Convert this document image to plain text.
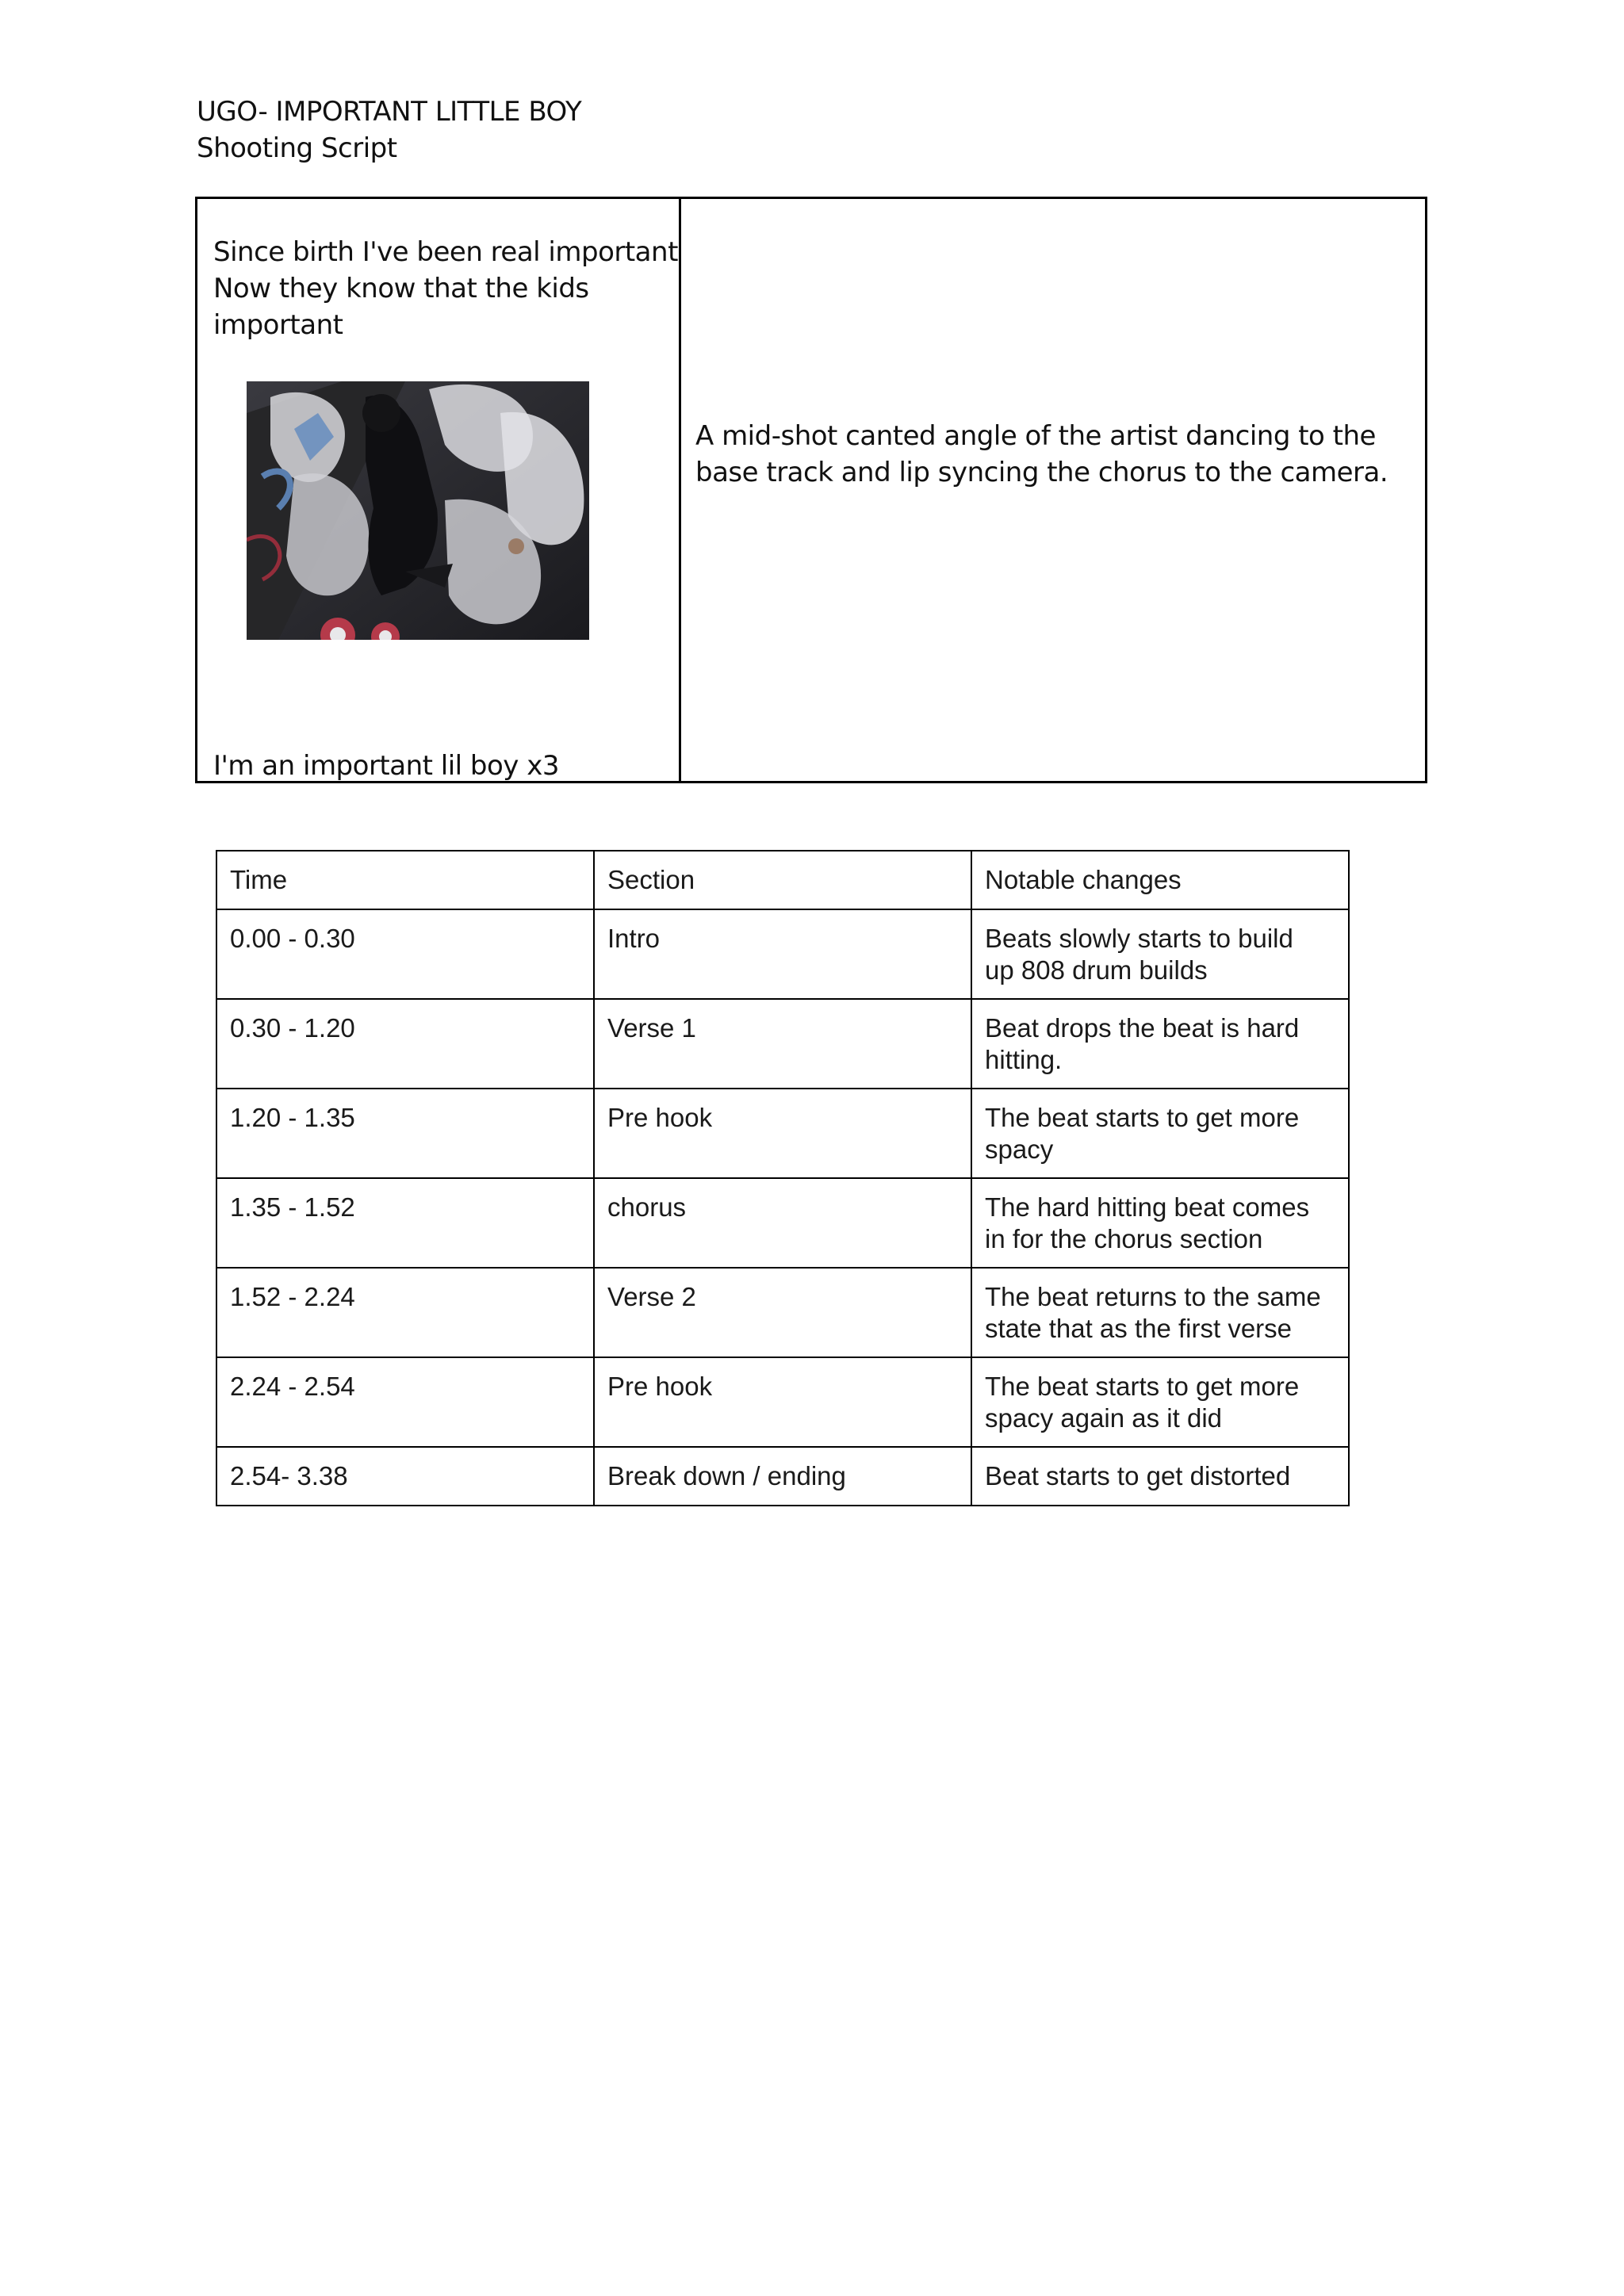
UGO- IMPORTANT LITTLE BOY
Shooting Script
Since birth I've been real important
Now they know that the kids
important
I'm an important lil boy x3
A mid-shot canted angle of the artist dancing to the base track and lip syncing the chorus to the camera.
Time	Section	Notable changes
0.00 - 0.30	Intro	Beats slowly starts to build
up 808 drum builds

0.30 - 1.20	Verse 1	Beat drops the beat is hard
hitting.

1.20 - 1.35	Pre hook	The beat starts to get more
spacy

1.35 - 1.52	chorus	The hard hitting beat comes
in for the chorus section

1.52 - 2.24	Verse 2	The beat returns to the same
state that as the first verse

2.24 - 2.54	Pre hook	The beat starts to get more
spacy again as it did

2.54- 3.38	Break down / ending	Beat starts to get distorted
